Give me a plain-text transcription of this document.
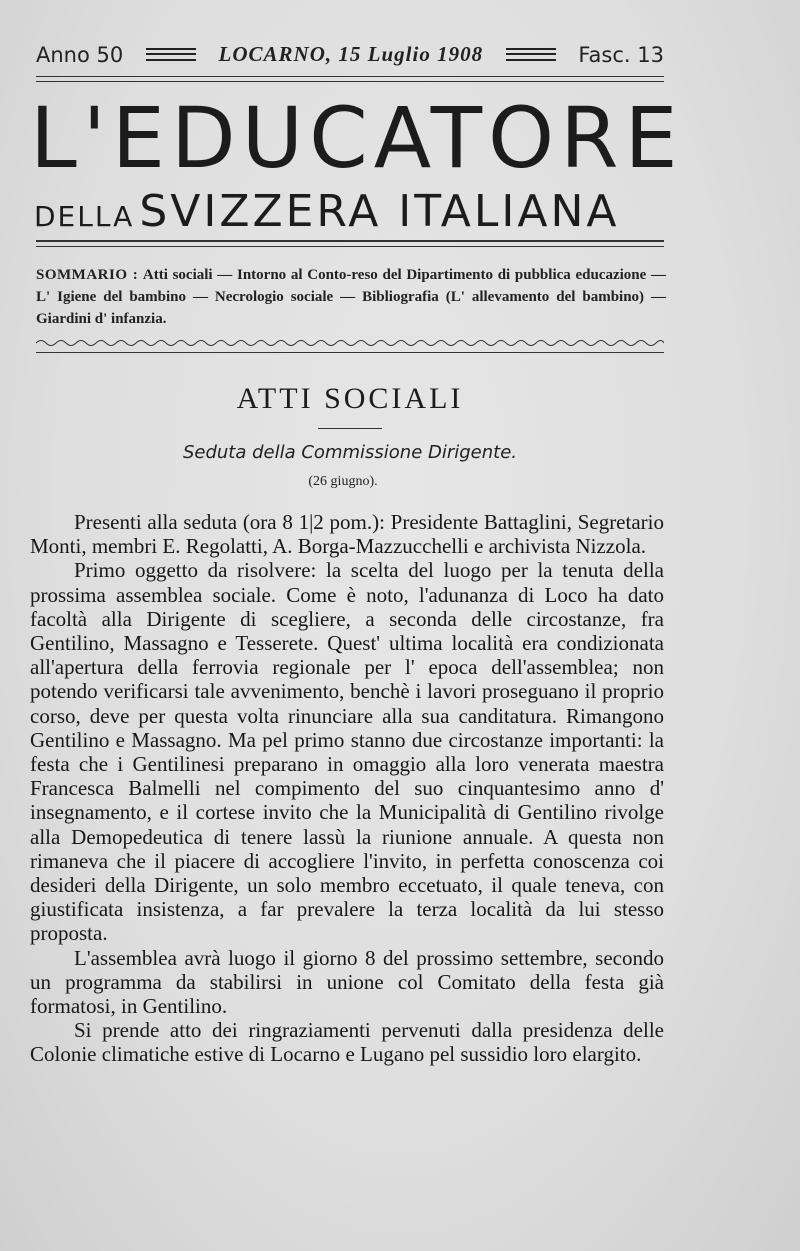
Anno 50	LOCARNO, 15 Luglio 1908	Fasc. 13
L'EDUCATORE
DELLA SVIZZERA ITALIANA
SOMMARIO : Atti sociali — Intorno al Conto-reso del Dipartimento di pubblica educazione — L' Igiene del bambino — Necrologio sociale — Bibliografia (L' allevamento del bambino) — Giardini d' infanzia.
ATTI SOCIALI
Seduta della Commissione Dirigente.
(26 giugno).

Presenti alla seduta (ora 8 1|2 pom.): Presidente Battaglini, Segretario Monti, membri E. Regolatti, A. Borga-Mazzucchelli e archivista Nizzola.

Primo oggetto da risolvere: la scelta del luogo per la tenuta della prossima assemblea sociale. Come è noto, l'adunanza di Loco ha dato facoltà alla Dirigente di scegliere, a seconda delle circostanze, fra Gentilino, Massagno e Tesserete. Quest' ultima località era condizionata all'apertura della ferrovia regionale per l' epoca dell'assemblea; non potendo verificarsi tale avvenimento, benchè i lavori proseguano il proprio corso, deve per questa volta rinunciare alla sua canditatura. Rimangono Gentilino e Massagno. Ma pel primo stanno due circostanze importanti: la festa che i Gentilinesi preparano in omaggio alla loro venerata maestra Francesca Balmelli nel compimento del suo cinquantesimo anno d' insegnamento, e il cortese invito che la Municipalità di Gentilino rivolge alla Demopedeutica di tenere lassù la riunione annuale. A questa non rimaneva che il piacere di accogliere l'invito, in perfetta conoscenza coi desideri della Dirigente, un solo membro eccetuato, il quale teneva, con giustificata insistenza, a far prevalere la terza località da lui stesso proposta.

L'assemblea avrà luogo il giorno 8 del prossimo settembre, secondo un programma da stabilirsi in unione col Comitato della festa già formatosi, in Gentilino.

Si prende atto dei ringraziamenti pervenuti dalla presidenza delle Colonie climatiche estive di Locarno e Lugano pel sussidio loro elargito.
